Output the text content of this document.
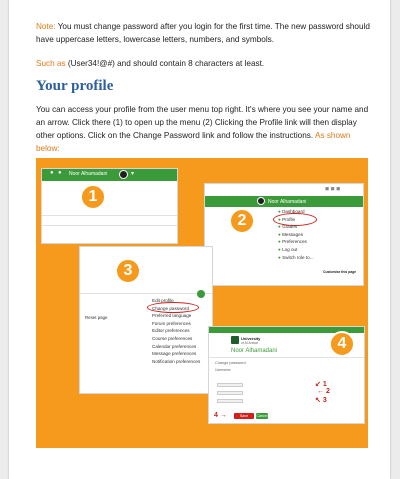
Note: You must change password after you login for the first time. The new password should have uppercase letters, lowercase letters, numbers, and symbols.

Such as (User34!@#) and should contain 8 characters at least.

Your profile

You can access your profile from the user menu top right. It's where you see your name and an arrow. Click there (1) to open up the menu (2) Clicking the Profile link will then display other options. Click on the Change Password link and follow the instructions. As shown below:

● ● Noor Alhamadani	▾
1	◼ ◼ ◼
Noor Alhamadani
2
● Dashboard
● Profile
● Grades
● Messages
● Preferences
● Log out
● Switch role to...
Customise this page
3
Reset page
Edit profile
Change password
Preferred language
Forum preferences
Editor preferences
Course preferences
Calendar preferences
Message preferences
Notification preferences
University
of Al Anwar
Noor Alhamadani	4
Change password
Username
↙ 1
← 2
↖ 3
4 →	Save changes
Cancel
